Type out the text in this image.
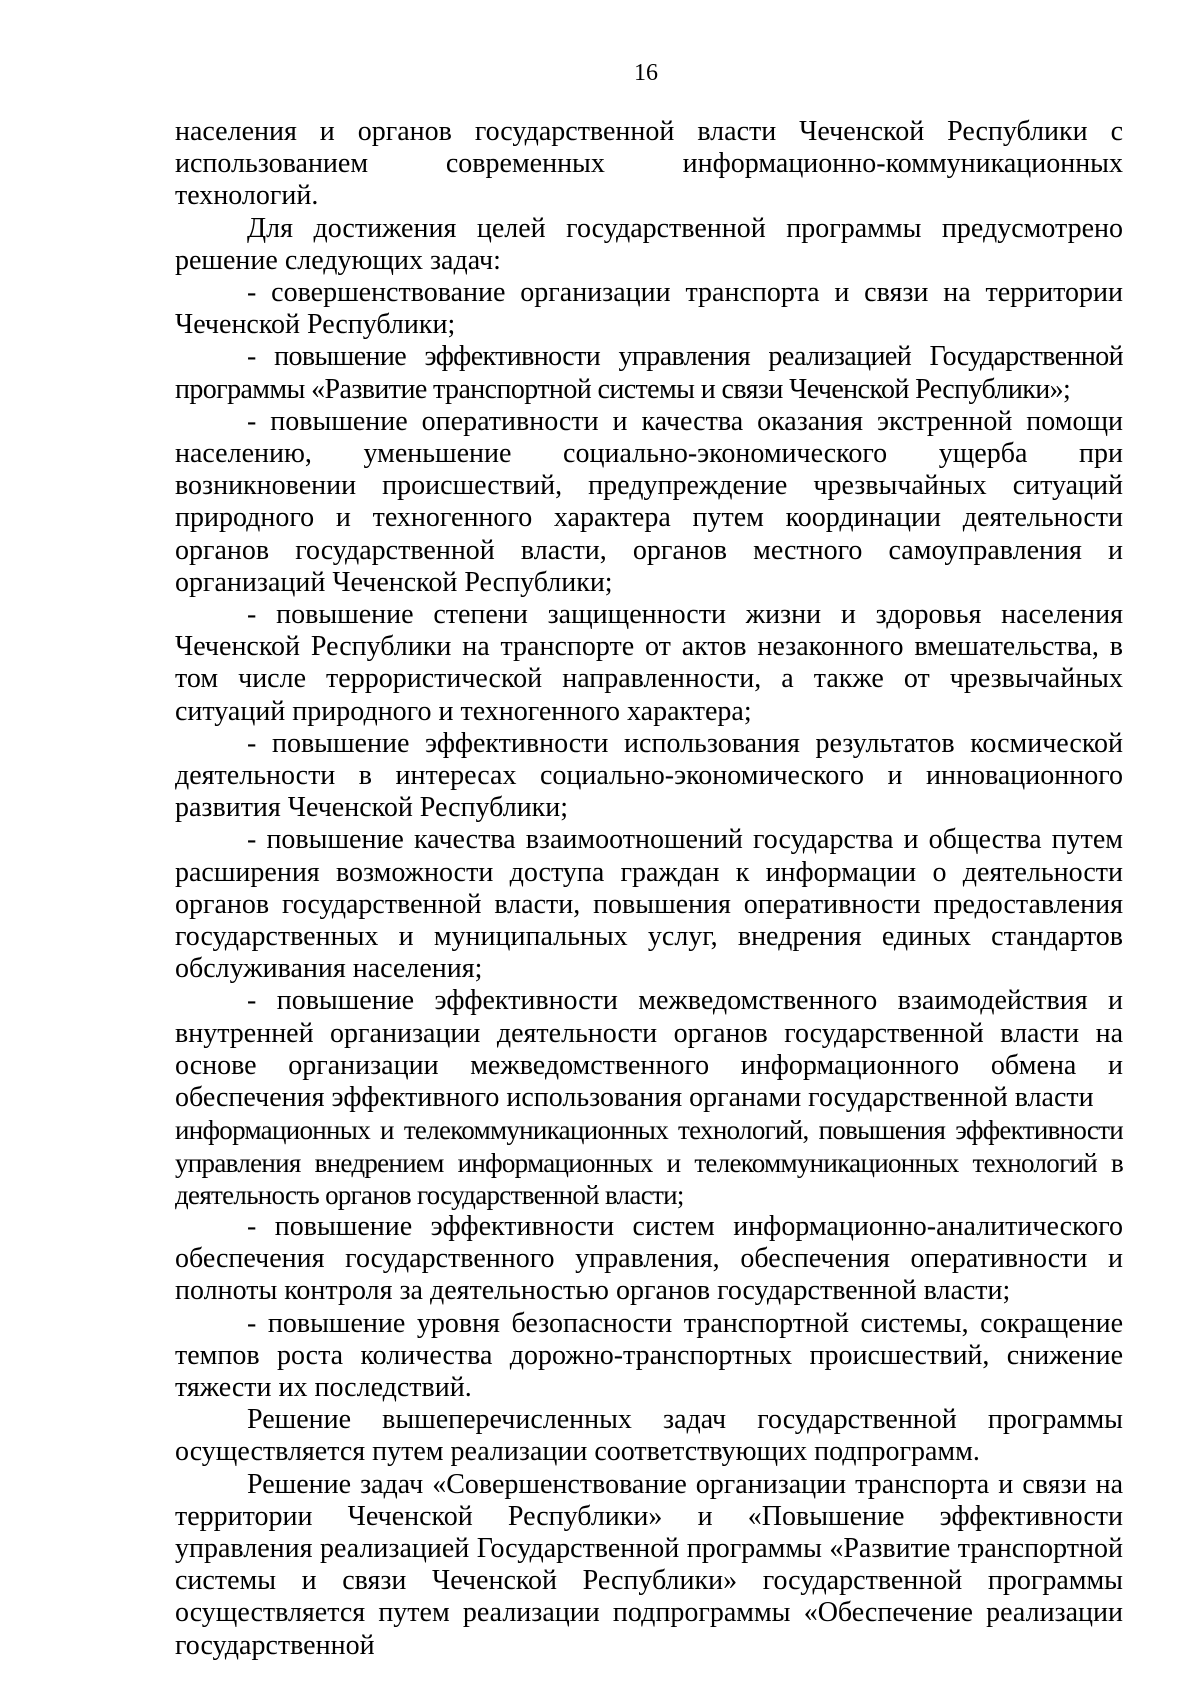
16

населения и органов государственной власти Чеченской Республики с использованием современных информационно-коммуникационных технологий.

Для достижения целей государственной программы предусмотрено решение следующих задач:

- совершенствование организации транспорта и связи на территории Чеченской Республики;

- повышение эффективности управления реализацией Государственной программы «Развитие транспортной системы и связи Чеченской Республики»;

- повышение оперативности и качества оказания экстренной помощи населению, уменьшение социально-экономического ущерба при возникновении происшествий, предупреждение чрезвычайных ситуаций природного и техногенного характера путем координации деятельности органов государственной власти, органов местного самоуправления и организаций Чеченской Республики;

- повышение степени защищенности жизни и здоровья населения Чеченской Республики на транспорте от актов незаконного вмешательства, в том числе террористической направленности, а также от чрезвычайных ситуаций природного и техногенного характера;

- повышение эффективности использования результатов космической деятельности в интересах социально-экономического и инновационного развития Чеченской Республики;

- повышение качества взаимоотношений государства и общества путем расширения возможности доступа граждан к информации о деятельности органов государственной власти, повышения оперативности предоставления государственных и муниципальных услуг, внедрения единых стандартов обслуживания населения;

- повышение эффективности межведомственного взаимодействия и внутренней организации деятельности органов государственной власти на основе организации межведомственного информационного обмена и обеспечения эффективного использования органами государственной власти

информационных и телекоммуникационных технологий, повышения эффективности управления внедрением информационных и телекоммуникационных технологий в деятельность органов государственной власти;

- повышение эффективности систем информационно-аналитического обеспечения государственного управления, обеспечения оперативности и полноты контроля за деятельностью органов государственной власти;

- повышение уровня безопасности транспортной системы, сокращение темпов роста количества дорожно-транспортных происшествий, снижение тяжести их последствий.

Решение вышеперечисленных задач государственной программы осуществляется путем реализации соответствующих подпрограмм.

Решение задач «Совершенствование организации транспорта и связи на территории Чеченской Республики» и «Повышение эффективности управления реализацией Государственной программы «Развитие транспортной системы и связи Чеченской Республики» государственной программы осуществляется путем реализации подпрограммы «Обеспечение реализации государственной
